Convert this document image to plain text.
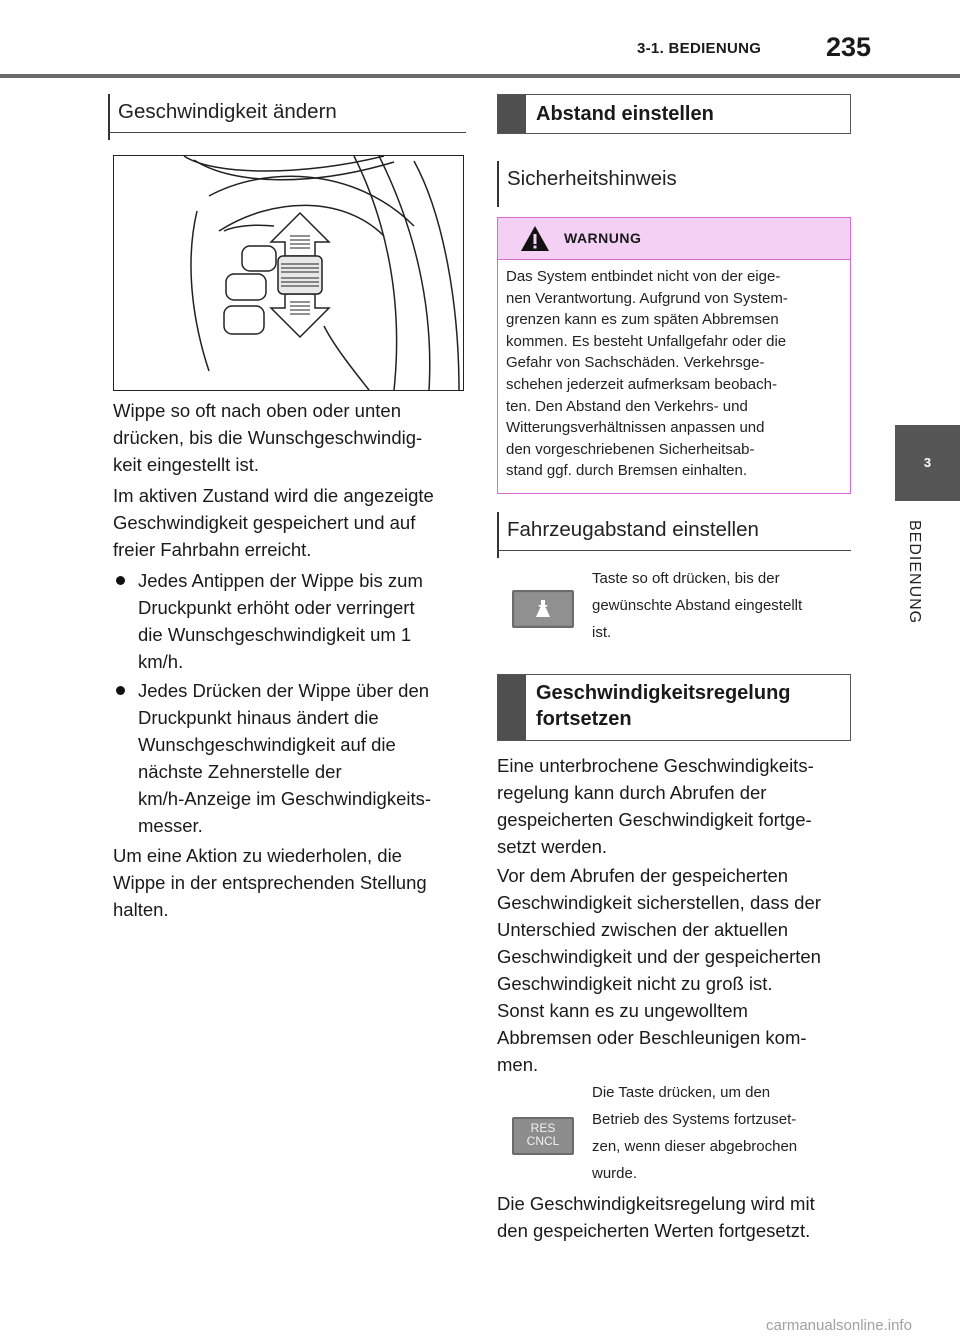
3-1. BEDIENUNG 235
3
BEDIENUNG
Geschwindigkeit ändern
Wippe so oft nach oben oder unten
drücken, bis die Wunschgeschwindig-
keit eingestellt ist.
Im aktiven Zustand wird die angezeigte
Geschwindigkeit gespeichert und auf
freier Fahrbahn erreicht.
Jedes Antippen der Wippe bis zum
Druckpunkt erhöht oder verringert
die Wunschgeschwindigkeit um 1
km/h.
Jedes Drücken der Wippe über den
Druckpunkt hinaus ändert die
Wunschgeschwindigkeit auf die
nächste Zehnerstelle der
km/h-Anzeige im Geschwindigkeits-
messer.
Um eine Aktion zu wiederholen, die
Wippe in der entsprechenden Stellung
halten.
Abstand einstellen
Sicherheitshinweis
WARNUNG
Das System entbindet nicht von der eige-
nen Verantwortung. Aufgrund von System-
grenzen kann es zum späten Abbremsen
kommen. Es besteht Unfallgefahr oder die
Gefahr von Sachschäden. Verkehrsge-
schehen jederzeit aufmerksam beobach-
ten. Den Abstand den Verkehrs- und
Witterungsverhältnissen anpassen und
den vorgeschriebenen Sicherheitsab-
stand ggf. durch Bremsen einhalten.
Fahrzeugabstand einstellen
Taste so oft drücken, bis der
gewünschte Abstand eingestellt
ist.
Geschwindigkeitsregelung
fortsetzen
Eine unterbrochene Geschwindigkeits-
regelung kann durch Abrufen der
gespeicherten Geschwindigkeit fortge-
setzt werden.
Vor dem Abrufen der gespeicherten
Geschwindigkeit sicherstellen, dass der
Unterschied zwischen der aktuellen
Geschwindigkeit und der gespeicherten
Geschwindigkeit nicht zu groß ist.
Sonst kann es zu ungewolltem
Abbremsen oder Beschleunigen kom-
men.
RES
CNCL
Die Taste drücken, um den
Betrieb des Systems fortzuset-
zen, wenn dieser abgebrochen
wurde.
Die Geschwindigkeitsregelung wird mit
den gespeicherten Werten fortgesetzt.
carmanualsonline.info
